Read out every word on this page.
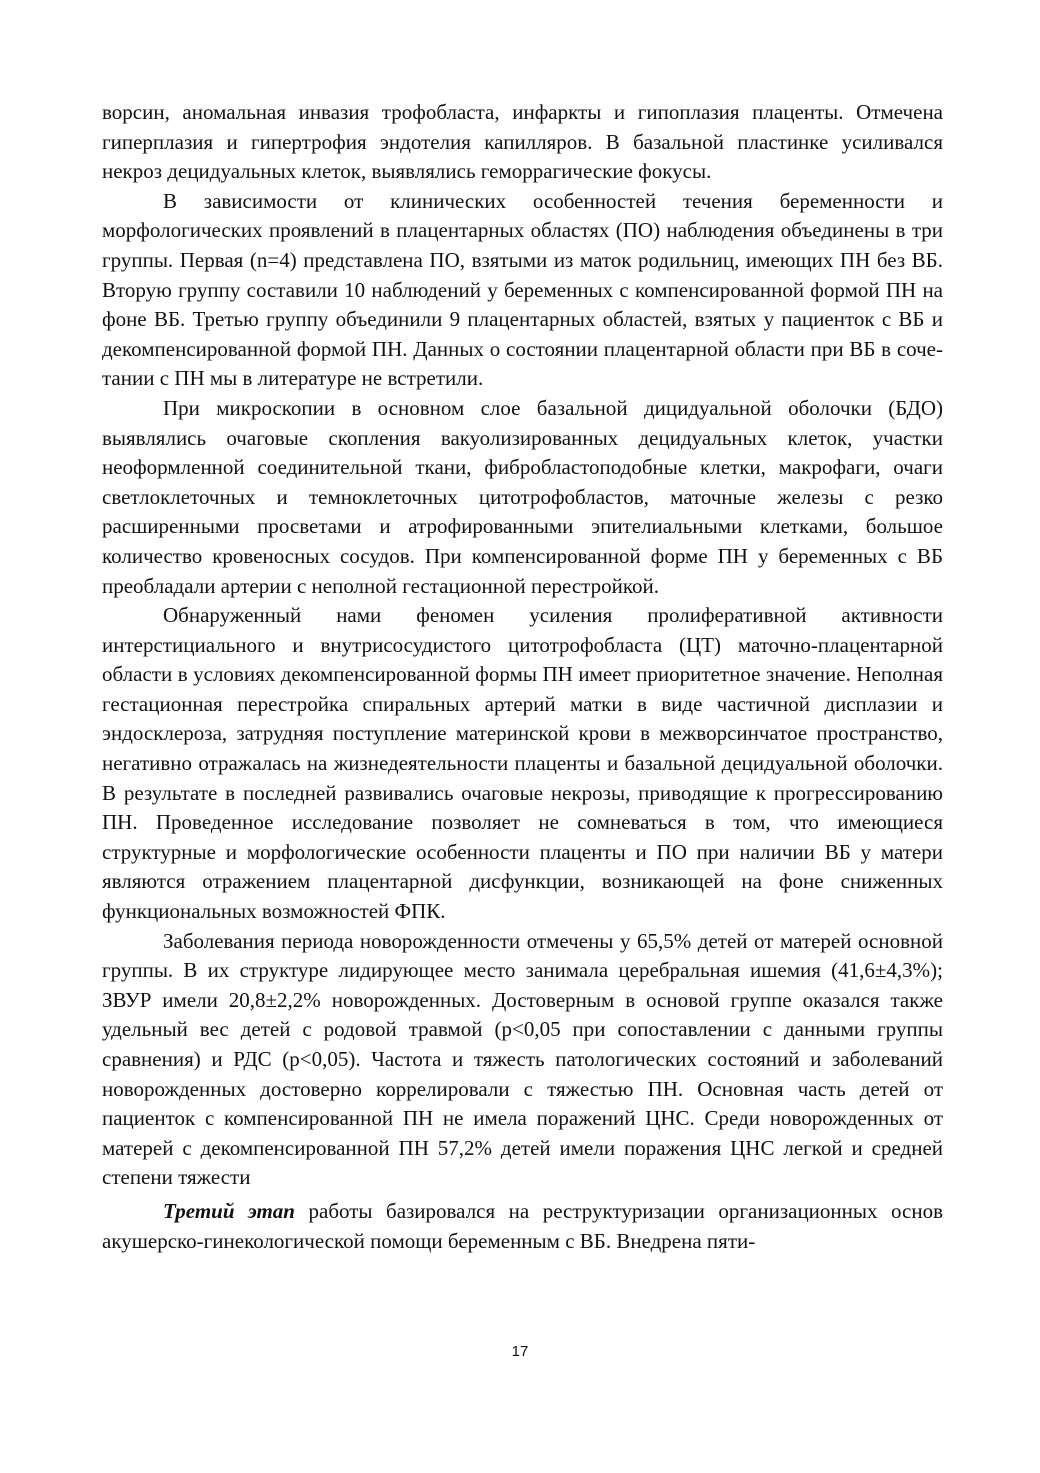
ворсин, аномальная инвазия трофобласта, инфаркты и гипоплазия плаценты. Отмечена гиперплазия и гипертрофия эндотелия капилляров. В базальной пластинке усиливался некроз децидуальных клеток, выявлялись геморрагические фокусы.

В зависимости от клинических особенностей течения беременности и морфологических проявлений в плацентарных областях (ПО) наблюдения объединены в три группы. Первая (n=4) представлена ПО, взятыми из маток родильниц, имеющих ПН без ВБ. Вторую группу составили 10 наблюдений у беременных с компенсированной формой ПН на фоне ВБ. Третью группу объединили 9 плацентарных областей, взятых у пациенток с ВБ и декомпенсированной формой ПН. Данных о состоянии плацентарной области при ВБ в сочетании с ПН мы в литературе не встретили.

При микроскопии в основном слое базальной дицидуальной оболочки (БДО) выявлялись очаговые скопления вакуолизированных децидуальных клеток, участки неоформленной соединительной ткани, фибробластоподобные клетки, макрофаги, очаги светлоклеточных и темноклеточных цитотрофобластов, маточные железы с резко расширенными просветами и атрофированными эпителиальными клетками, большое количество кровеносных сосудов. При компенсированной форме ПН у беременных с ВБ преобладали артерии с неполной гестационной перестройкой.

Обнаруженный нами феномен усиления пролиферативной активности интерстициального и внутрисосудистого цитотрофобласта (ЦТ) маточно-плацентарной области в условиях декомпенсированной формы ПН имеет приоритетное значение. Неполная гестационная перестройка спиральных артерий матки в виде частичной дисплазии и эндосклероза, затрудняя поступление материнской крови в межворсинчатое пространство, негативно отражалась на жизнедеятельности плаценты и базальной децидуальной оболочки. В результате в последней развивались очаговые некрозы, приводящие к прогрессированию ПН. Проведенное исследование позволяет не сомневаться в том, что имеющиеся структурные и морфологические особенности плаценты и ПО при наличии ВБ у матери являются отражением плацентарной дисфункции, возникающей на фоне сниженных функциональных возможностей ФПК.

Заболевания периода новорожденности отмечены у 65,5% детей от матерей основной группы. В их структуре лидирующее место занимала церебральная ишемия (41,6±4,3%); ЗВУР имели 20,8±2,2% новорожденных. Достоверным в основой группе оказался также удельный вес детей с родовой травмой (р<0,05 при сопоставлении с данными группы сравнения) и РДС (р<0,05). Частота и тяжесть патологических состояний и заболеваний новорожденных достоверно коррелировали с тяжестью ПН. Основная часть детей от пациенток с компенсированной ПН не имела поражений ЦНС. Среди новорожденных от матерей с декомпенсированной ПН 57,2% детей имели поражения ЦНС легкой и средней степени тяжести

Третий этап работы базировался на реструктуризации организационных основ акушерско-гинекологической помощи беременным с ВБ. Внедрена пяти-

17
